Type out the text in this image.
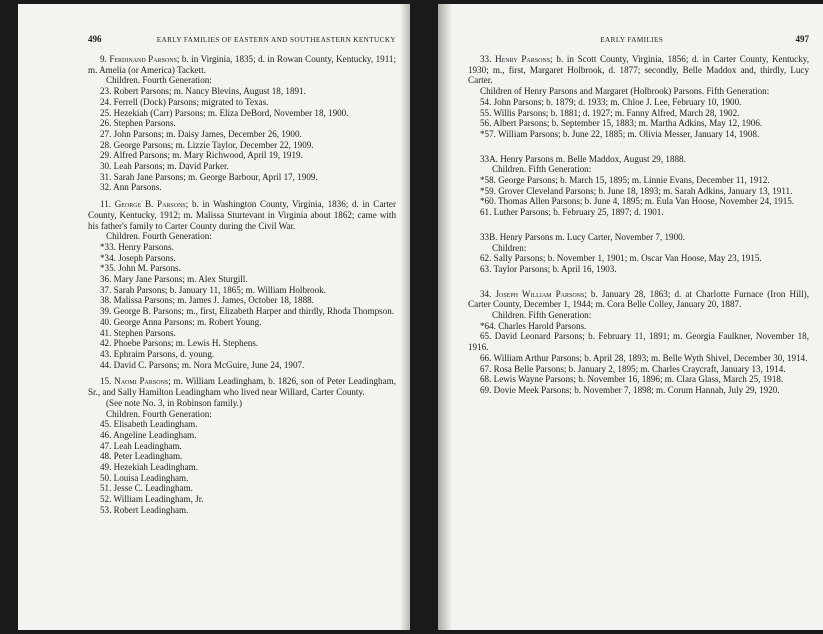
496	EARLY FAMILIES OF EASTERN AND SOUTHEASTERN KENTUCKY

9. Ferdinand Parsons; b. in Virginia, 1835; d. in Rowan County, Kentucky, 1911; m. Amelia (or America) Tackett.

Children. Fourth Generation:

23. Robert Parsons; m. Nancy Blevins, August 18, 1891.

24. Ferrell (Dock) Parsons; migrated to Texas.

25. Hezekiah (Carr) Parsons; m. Eliza DeBord, November 18, 1900.

26. Stephen Parsons.

27. John Parsons; m. Daisy James, December 26, 1900.

28. George Parsons; m. Lizzie Taylor, December 22, 1909.

29. Alfred Parsons; m. Mary Richwood, April 19, 1919.

30. Leah Parsons; m. David Parker.

31. Sarah Jane Parsons; m. George Barbour, April 17, 1909.

32. Ann Parsons.

11. George B. Parsons; b. in Washington County, Virginia, 1836; d. in Carter County, Kentucky, 1912; m. Malissa Sturtevant in Virginia about 1862; came with his father's family to Carter County during the Civil War.

Children. Fourth Generation:

*33. Henry Parsons.

*34. Joseph Parsons.

*35. John M. Parsons.

36. Mary Jane Parsons; m. Alex Sturgill.

37. Sarah Parsons; b. January 11, 1865; m. William Holbrook.

38. Malissa Parsons; m. James J. James, October 18, 1888.

39. George B. Parsons; m., first, Elizabeth Harper and thirdly, Rhoda Thompson.

40. George Anna Parsons; m. Robert Young.

41. Stephen Parsons.

42. Phoebe Parsons; m. Lewis H. Stephens.

43. Ephraim Parsons, d. young.

44. David C. Parsons; m. Nora McGuire, June 24, 1907.

15. Naomi Parsons; m. William Leadingham, b. 1826, son of Peter Leadingham, Sr., and Sally Hamilton Leadingham who lived near Willard, Carter County.

(See note No. 3, in Robinson family.)

Children. Fourth Generation:

45. Elisabeth Leadingham.

46. Angeline Leadingham.

47. Leah Leadingham.

48. Peter Leadingham.

49. Hezekiah Leadingham.

50. Louisa Leadingham.

51. Jesse C. Leadingham.

52. William Leadingham, Jr.

53. Robert Leadingham.

EARLY FAMILIES	497

33. Henry Parsons; b. in Scott County, Virginia, 1856; d. in Carter County, Kentucky, 1930; m., first, Margaret Holbrook, d. 1877; secondly, Belle Maddox and, thirdly, Lucy Carter.

Children of Henry Parsons and Margaret (Holbrook) Parsons. Fifth Generation:

54. John Parsons; b. 1879; d. 1933; m. Chloe J. Lee, February 10, 1900.

55. Willis Parsons; b. 1881; d. 1927; m. Fanny Alfred, March 28, 1902.

56. Albert Parsons; b. September 15, 1883; m. Martha Adkins, May 12, 1906.

*57. William Parsons; b. June 22, 1885; m. Olivia Messer, January 14, 1908.

33A. Henry Parsons m. Belle Maddox, August 29, 1888.

Children. Fifth Generation:

*58. George Parsons; b. March 15, 1895; m. Linnie Evans, December 11, 1912.

*59. Grover Cleveland Parsons; b. June 18, 1893; m. Sarah Adkins, January 13, 1911.

*60. Thomas Allen Parsons; b. June 4, 1895; m. Eula Van Hoose, November 24, 1915.

61. Luther Parsons; b. February 25, 1897; d. 1901.

33B. Henry Parsons m. Lucy Carter, November 7, 1900.

Children:

62. Sally Parsons; b. November 1, 1901; m. Oscar Van Hoose, May 23, 1915.

63. Taylor Parsons; b. April 16, 1903.

34. Joseph William Parsons; b. January 28, 1863; d. at Charlotte Furnace (Iron Hill), Carter County, December 1, 1944; m. Cora Belle Colley, January 20, 1887.

Children. Fifth Generation:

*64. Charles Harold Parsons.

65. David Leonard Parsons; b. February 11, 1891; m. Georgia Faulkner, November 18, 1916.

66. William Arthur Parsons; b. April 28, 1893; m. Belle Wyth Shivel, December 30, 1914.

67. Rosa Belle Parsons; b. January 2, 1895; m. Charles Craycraft, January 13, 1914.

68. Lewis Wayne Parsons; b. November 16, 1896; m. Clara Glass, March 25, 1918.

69. Dovie Meek Parsons; b. November 7, 1898; m. Corum Hannah, July 29, 1920.
